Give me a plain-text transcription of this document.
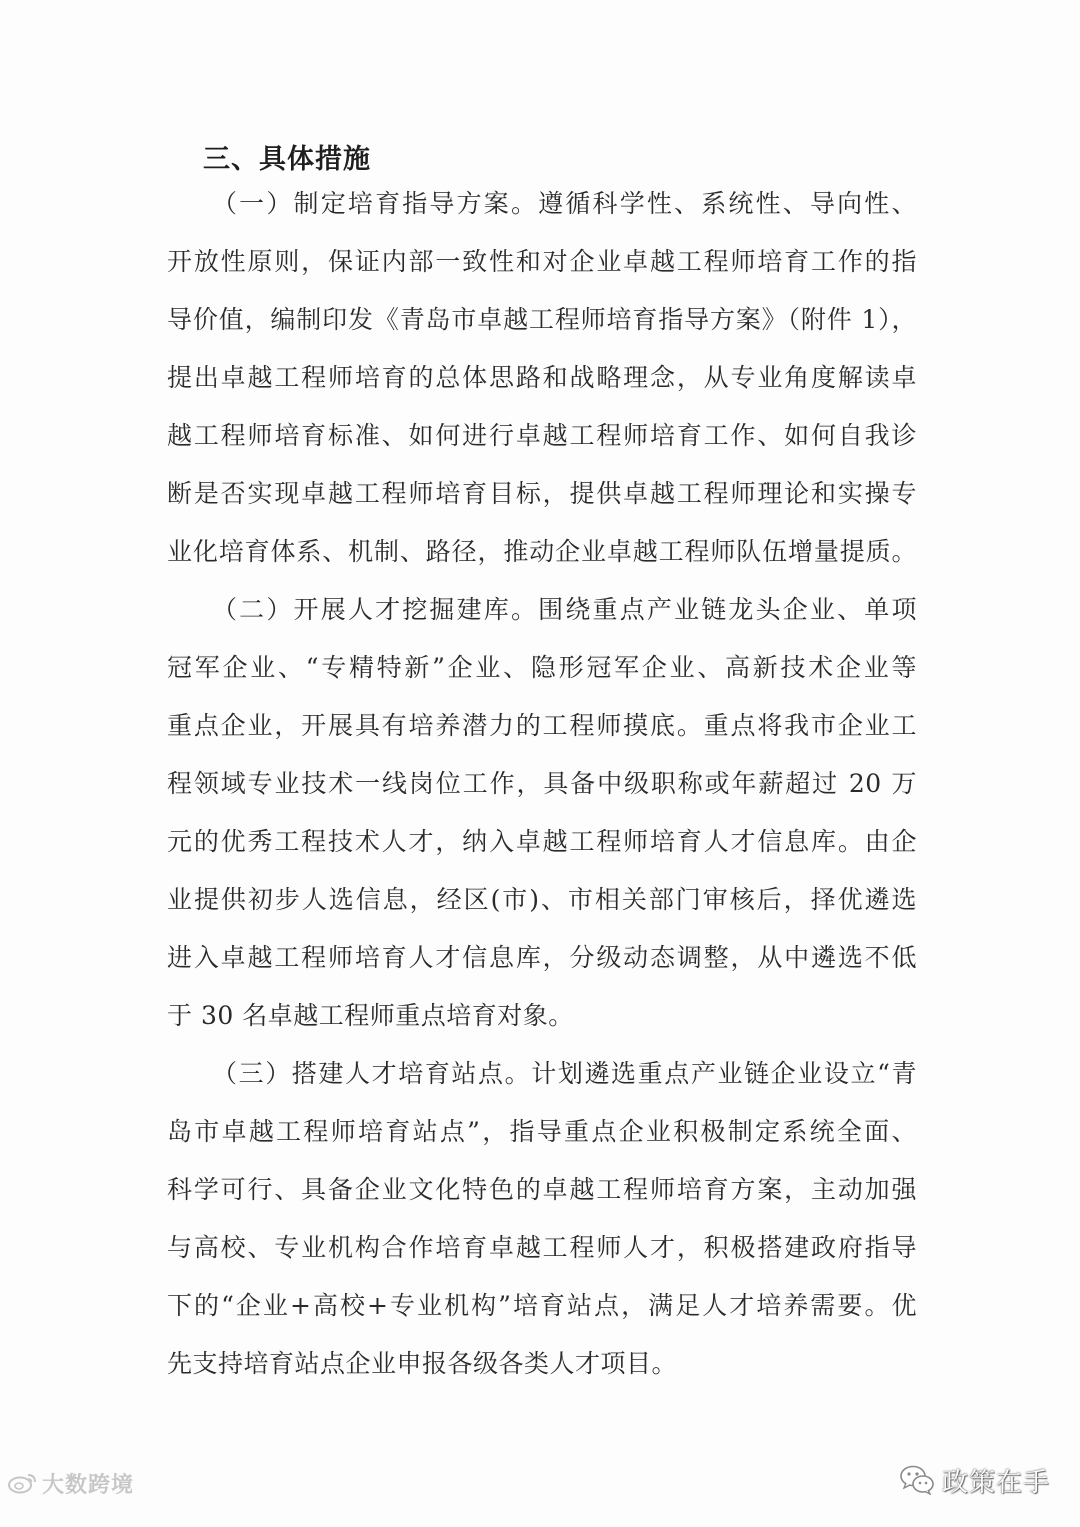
三、具体措施
（一）制定培育指导方案。遵循科学性、系统性、导向性、
开放性原则，保证内部一致性和对企业卓越工程师培育工作的指
导价值，编制印发《青岛市卓越工程师培育指导方案》（附件 1），
提出卓越工程师培育的总体思路和战略理念，从专业角度解读卓
越工程师培育标准、如何进行卓越工程师培育工作、如何自我诊
断是否实现卓越工程师培育目标，提供卓越工程师理论和实操专
业化培育体系、机制、路径，推动企业卓越工程师队伍增量提质。
（二）开展人才挖掘建库。围绕重点产业链龙头企业、单项
冠军企业、“专精特新”企业、隐形冠军企业、高新技术企业等
重点企业，开展具有培养潜力的工程师摸底。重点将我市企业工
程领域专业技术一线岗位工作，具备中级职称或年薪超过 20 万
元的优秀工程技术人才，纳入卓越工程师培育人才信息库。由企
业提供初步人选信息，经区(市)、市相关部门审核后，择优遴选
进入卓越工程师培育人才信息库，分级动态调整，从中遴选不低
于 30 名卓越工程师重点培育对象。
（三）搭建人才培育站点。计划遴选重点产业链企业设立“青
岛市卓越工程师培育站点”，指导重点企业积极制定系统全面、
科学可行、具备企业文化特色的卓越工程师培育方案，主动加强
与高校、专业机构合作培育卓越工程师人才，积极搭建政府指导
下的“企业+高校+专业机构”培育站点，满足人才培养需要。优
先支持培育站点企业申报各级各类人才项目。
大数跨境	政策在手
